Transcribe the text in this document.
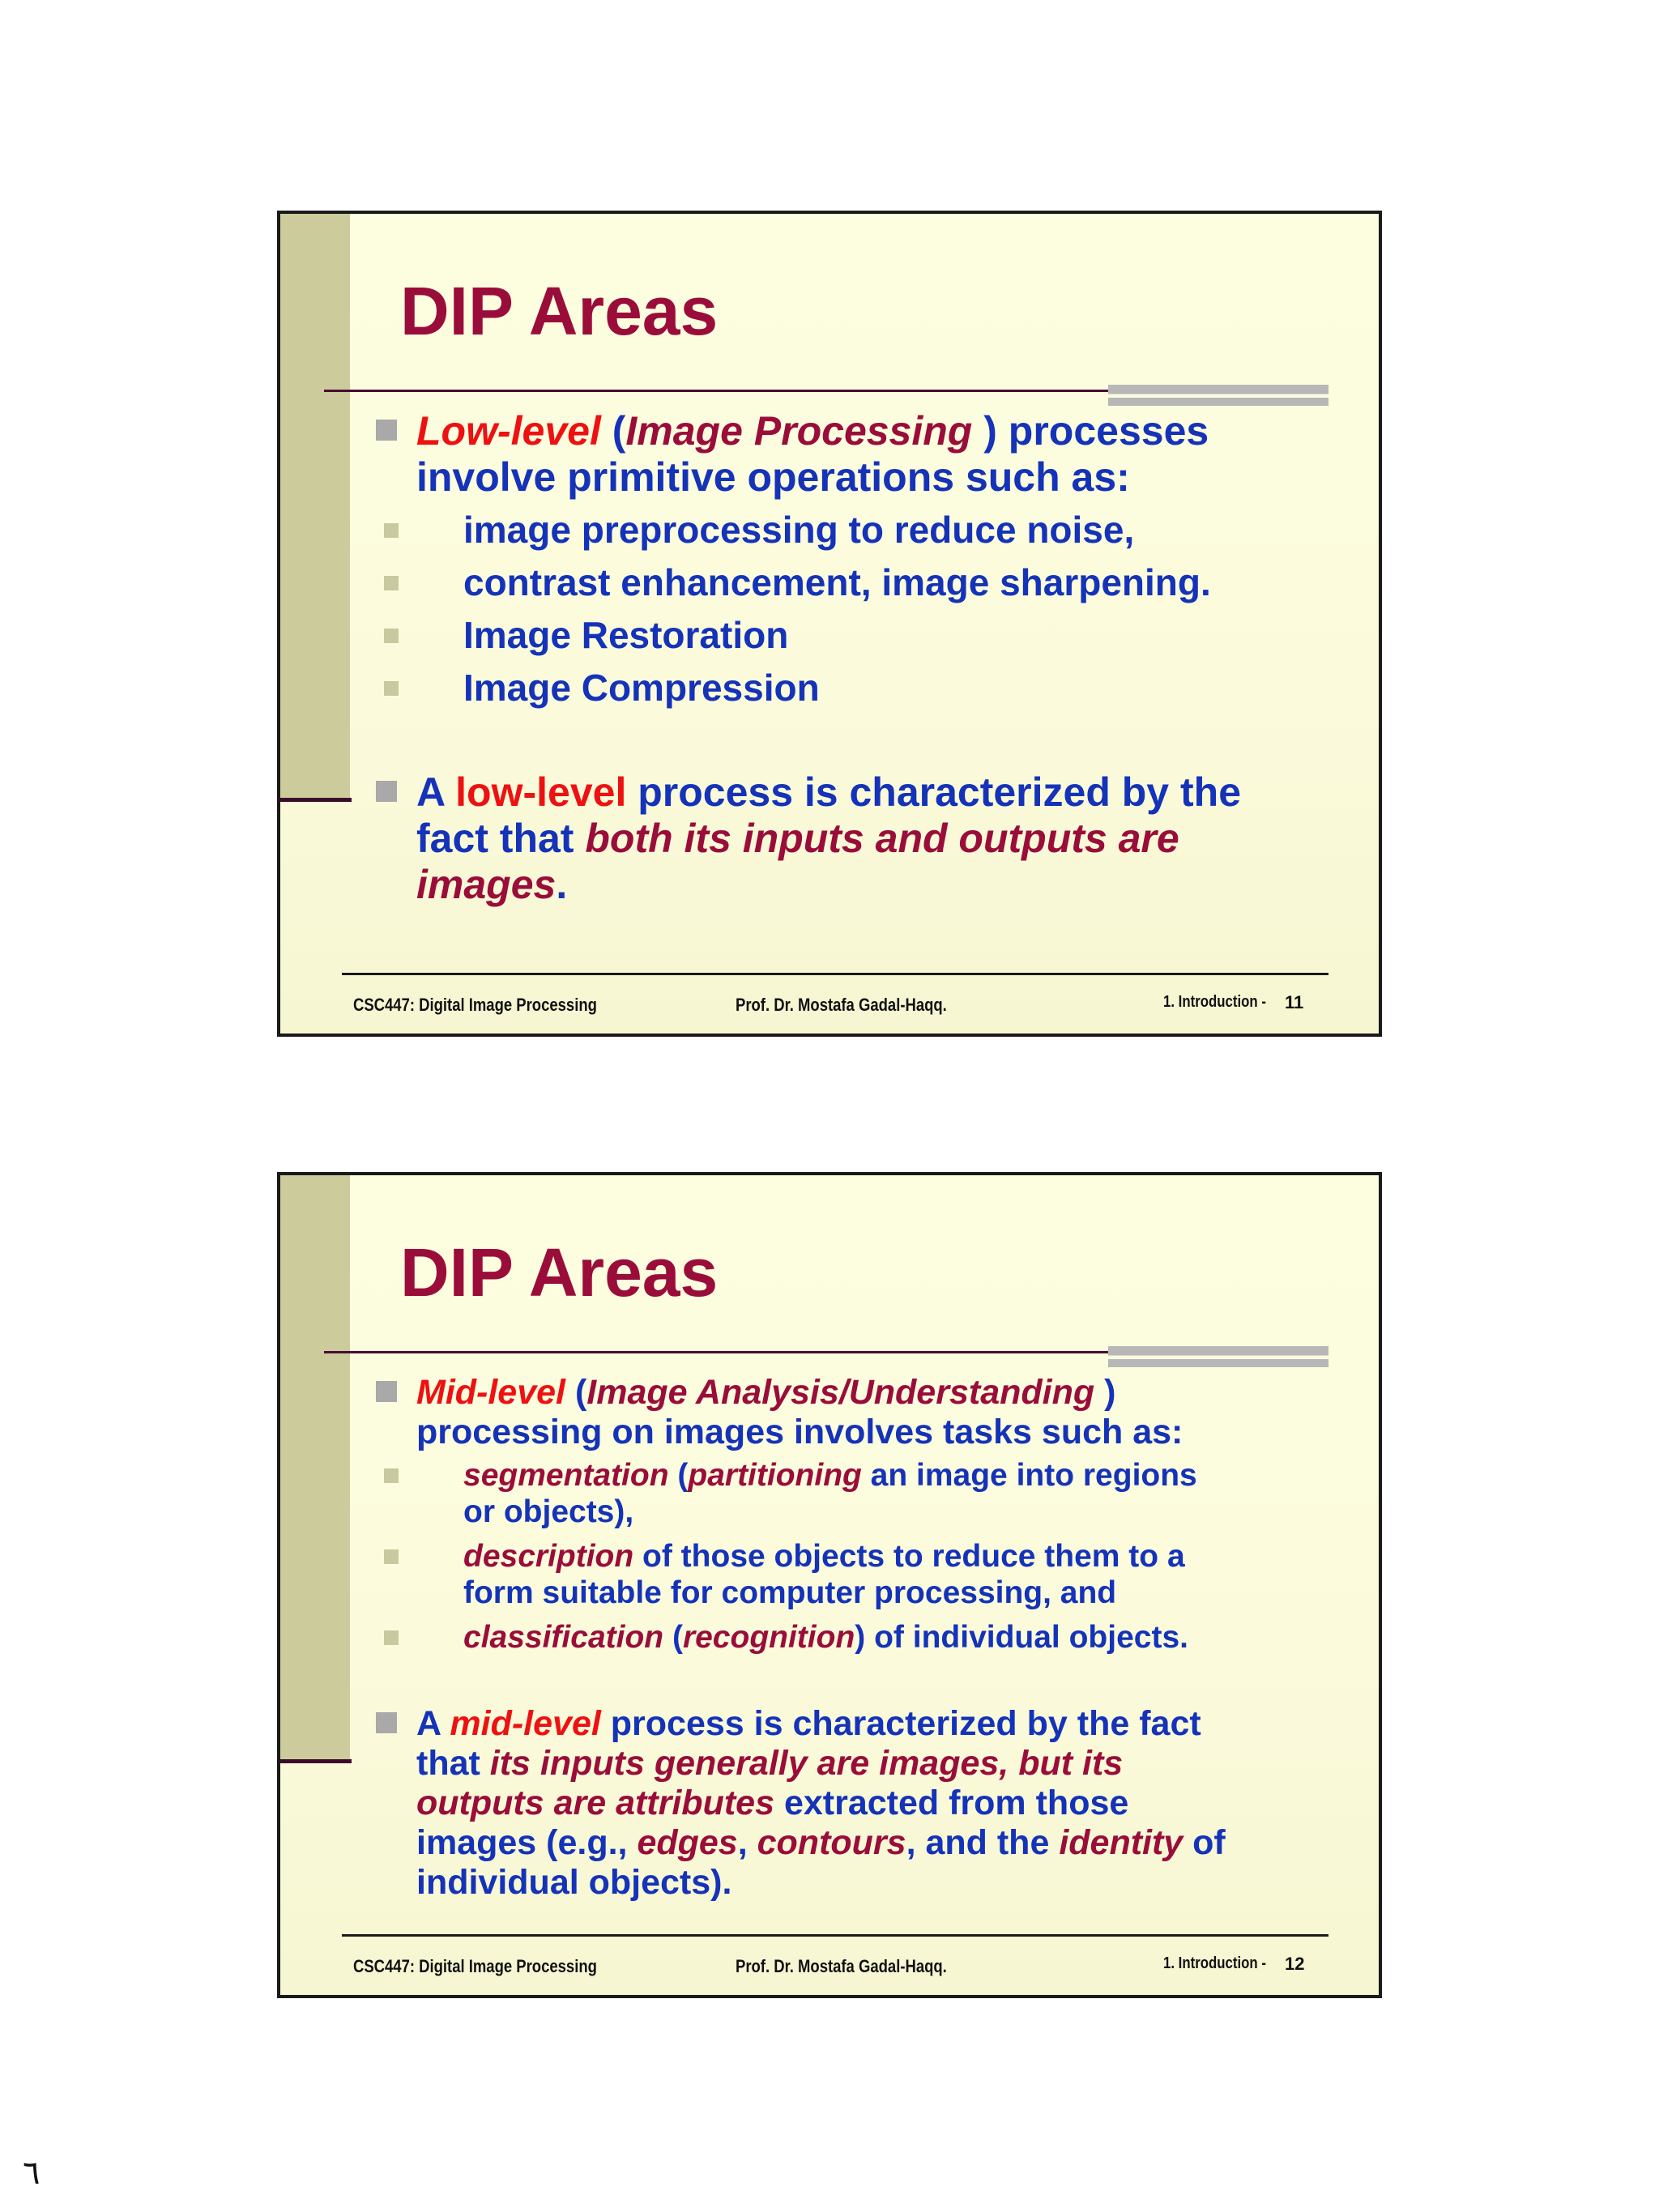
DIP Areas
Low-level (Image Processing ) processes
involve primitive operations such as:
image preprocessing to reduce noise,
contrast enhancement, image sharpening.
Image Restoration
Image Compression
A low-level process is characterized by the
fact that both its inputs and outputs are
images.
CSC447: Digital Image Processing	Prof. Dr. Mostafa Gadal-Haqq.	1. Introduction - 11
DIP Areas
Mid-level (Image Analysis/Understanding )
processing on images involves tasks such as:
segmentation (partitioning an image into regions
or objects),
description of those objects to reduce them to a
form suitable for computer processing, and
classification (recognition) of individual objects.
A mid-level process is characterized by the fact
that its inputs generally are images, but its
outputs are attributes extracted from those
images (e.g., edges, contours, and the identity of
individual objects).
CSC447: Digital Image Processing	Prof. Dr. Mostafa Gadal-Haqq.	1. Introduction - 12
٦
